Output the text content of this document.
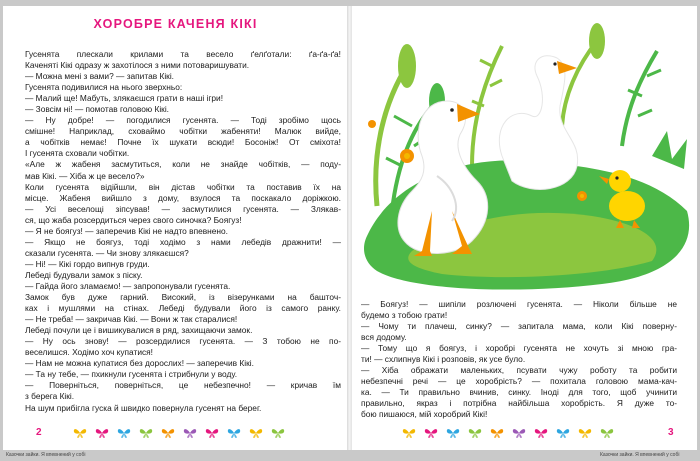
ХОРОБРЕ КАЧЕНЯ КІКІ
Гусенята плескали крилами та весело ґелґотали: ґа-ґа-ґа!
Каченяті Кікі одразу ж захотілося з ними потоваришувати.
— Можна мені з вами? — запитав Кікі.
Гусенята подивилися на нього зверхньо:
— Малий ще! Мабуть, злякаєшся грати в наші ігри!
— Зовсім ні! — помотав головою Кікі.
— Ну добре! — погодилися гусенята. — Тоді зробімо щось
смішне! Наприклад, сховаймо чобітки жабеняти! Малюк вийде,
а чобітків немає! Почне їх шукати всюди! Босоніж! От сміхота!
І гусенята сховали чобітки.
«Але ж жабеня засмутиться, коли не знайде чобітків, — поду-
мав Кікі. — Хіба ж це весело?»
Коли гусенята відійшли, він дістав чобітки та поставив їх на
місце. Жабеня вийшло з дому, взулося та поскакало доріжкою.
— Усі веселощі зіпсував! — засмутилися гусенята. — Злякав-
ся, що жаба розсердиться через свого синочка? Боягуз!
— Я не боягуз! — заперечив Кікі не надто впевнено.
— Якщо не боягуз, тоді ходімо з нами лебедів дражнити! —
сказали гусенята. — Чи знову злякаєшся?
— Ні! — Кікі гордо випнув груди.
Лебеді будували замок з піску.
— Гайда його зламаємо! — запропонували гусенята.
Замок був дуже гарний. Високий, із візерунками на башточ-
ках і мушлями на стінах. Лебеді будували його із самого ранку.
— Не треба! — закричав Кікі. — Вони ж так старалися!
Лебеді почули це і вишикувалися в ряд, захищаючи замок.
— Ну ось знову! — розсердилися гусенята. — З тобою не по-
веселишся. Ходімо хоч купатися!
— Нам не можна купатися без дорослих! — заперечив Кікі.
— Та ну тебе, — пхикнули гусенята і стрибнули у воду.
— Поверніться, поверніться, це небезпечно! — кричав їм
з берега Кікі.
На шум прибігла гуска й швидко повернула гусенят на берег.
2
— Боягуз! — шипіли розлючені гусенята. — Ніколи більше не
будемо з тобою грати!
— Чому ти плачеш, синку? — запитала мама, коли Кікі поверну-
вся додому.
— Тому що я боягуз, і хоробрі гусенята не хочуть зі мною гра-
ти! — схлипнув Кікі і розповів, як усе було.
— Хіба ображати маленьких, псувати чужу роботу та робити
небезпечні речі — це хоробрість? — похитала головою мама-кач-
ка. — Ти правильно вчинив, синку. Іноді для того, щоб учинити
правильно, якраз і потрібна найбільша хоробрість. Я дуже то-
бою пишаюся, мій хоробрий Кікі!
3
Казочки зайки. Я впевнений у собі	Казочки зайки. Я впевнений у собі
